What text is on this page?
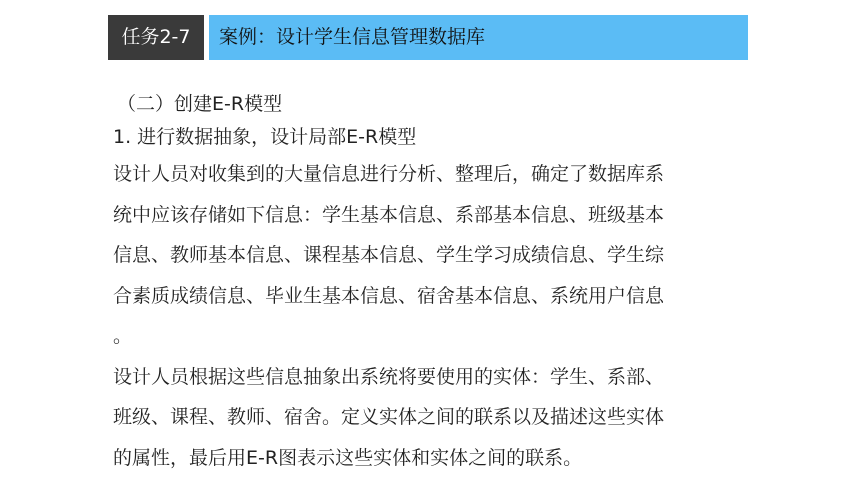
任务2-7	案例：设计学生信息管理数据库
（二）创建E-R模型
1. 进行数据抽象，设计局部E-R模型

设计人员对收集到的大量信息进行分析、整理后，确定了数据库系
统中应该存储如下信息：学生基本信息、系部基本信息、班级基本
信息、教师基本信息、课程基本信息、学生学习成绩信息、学生综
合素质成绩信息、毕业生基本信息、宿舍基本信息、系统用户信息
。

设计人员根据这些信息抽象出系统将要使用的实体：学生、系部、
班级、课程、教师、宿舍。定义实体之间的联系以及描述这些实体
的属性，最后用E-R图表示这些实体和实体之间的联系。
